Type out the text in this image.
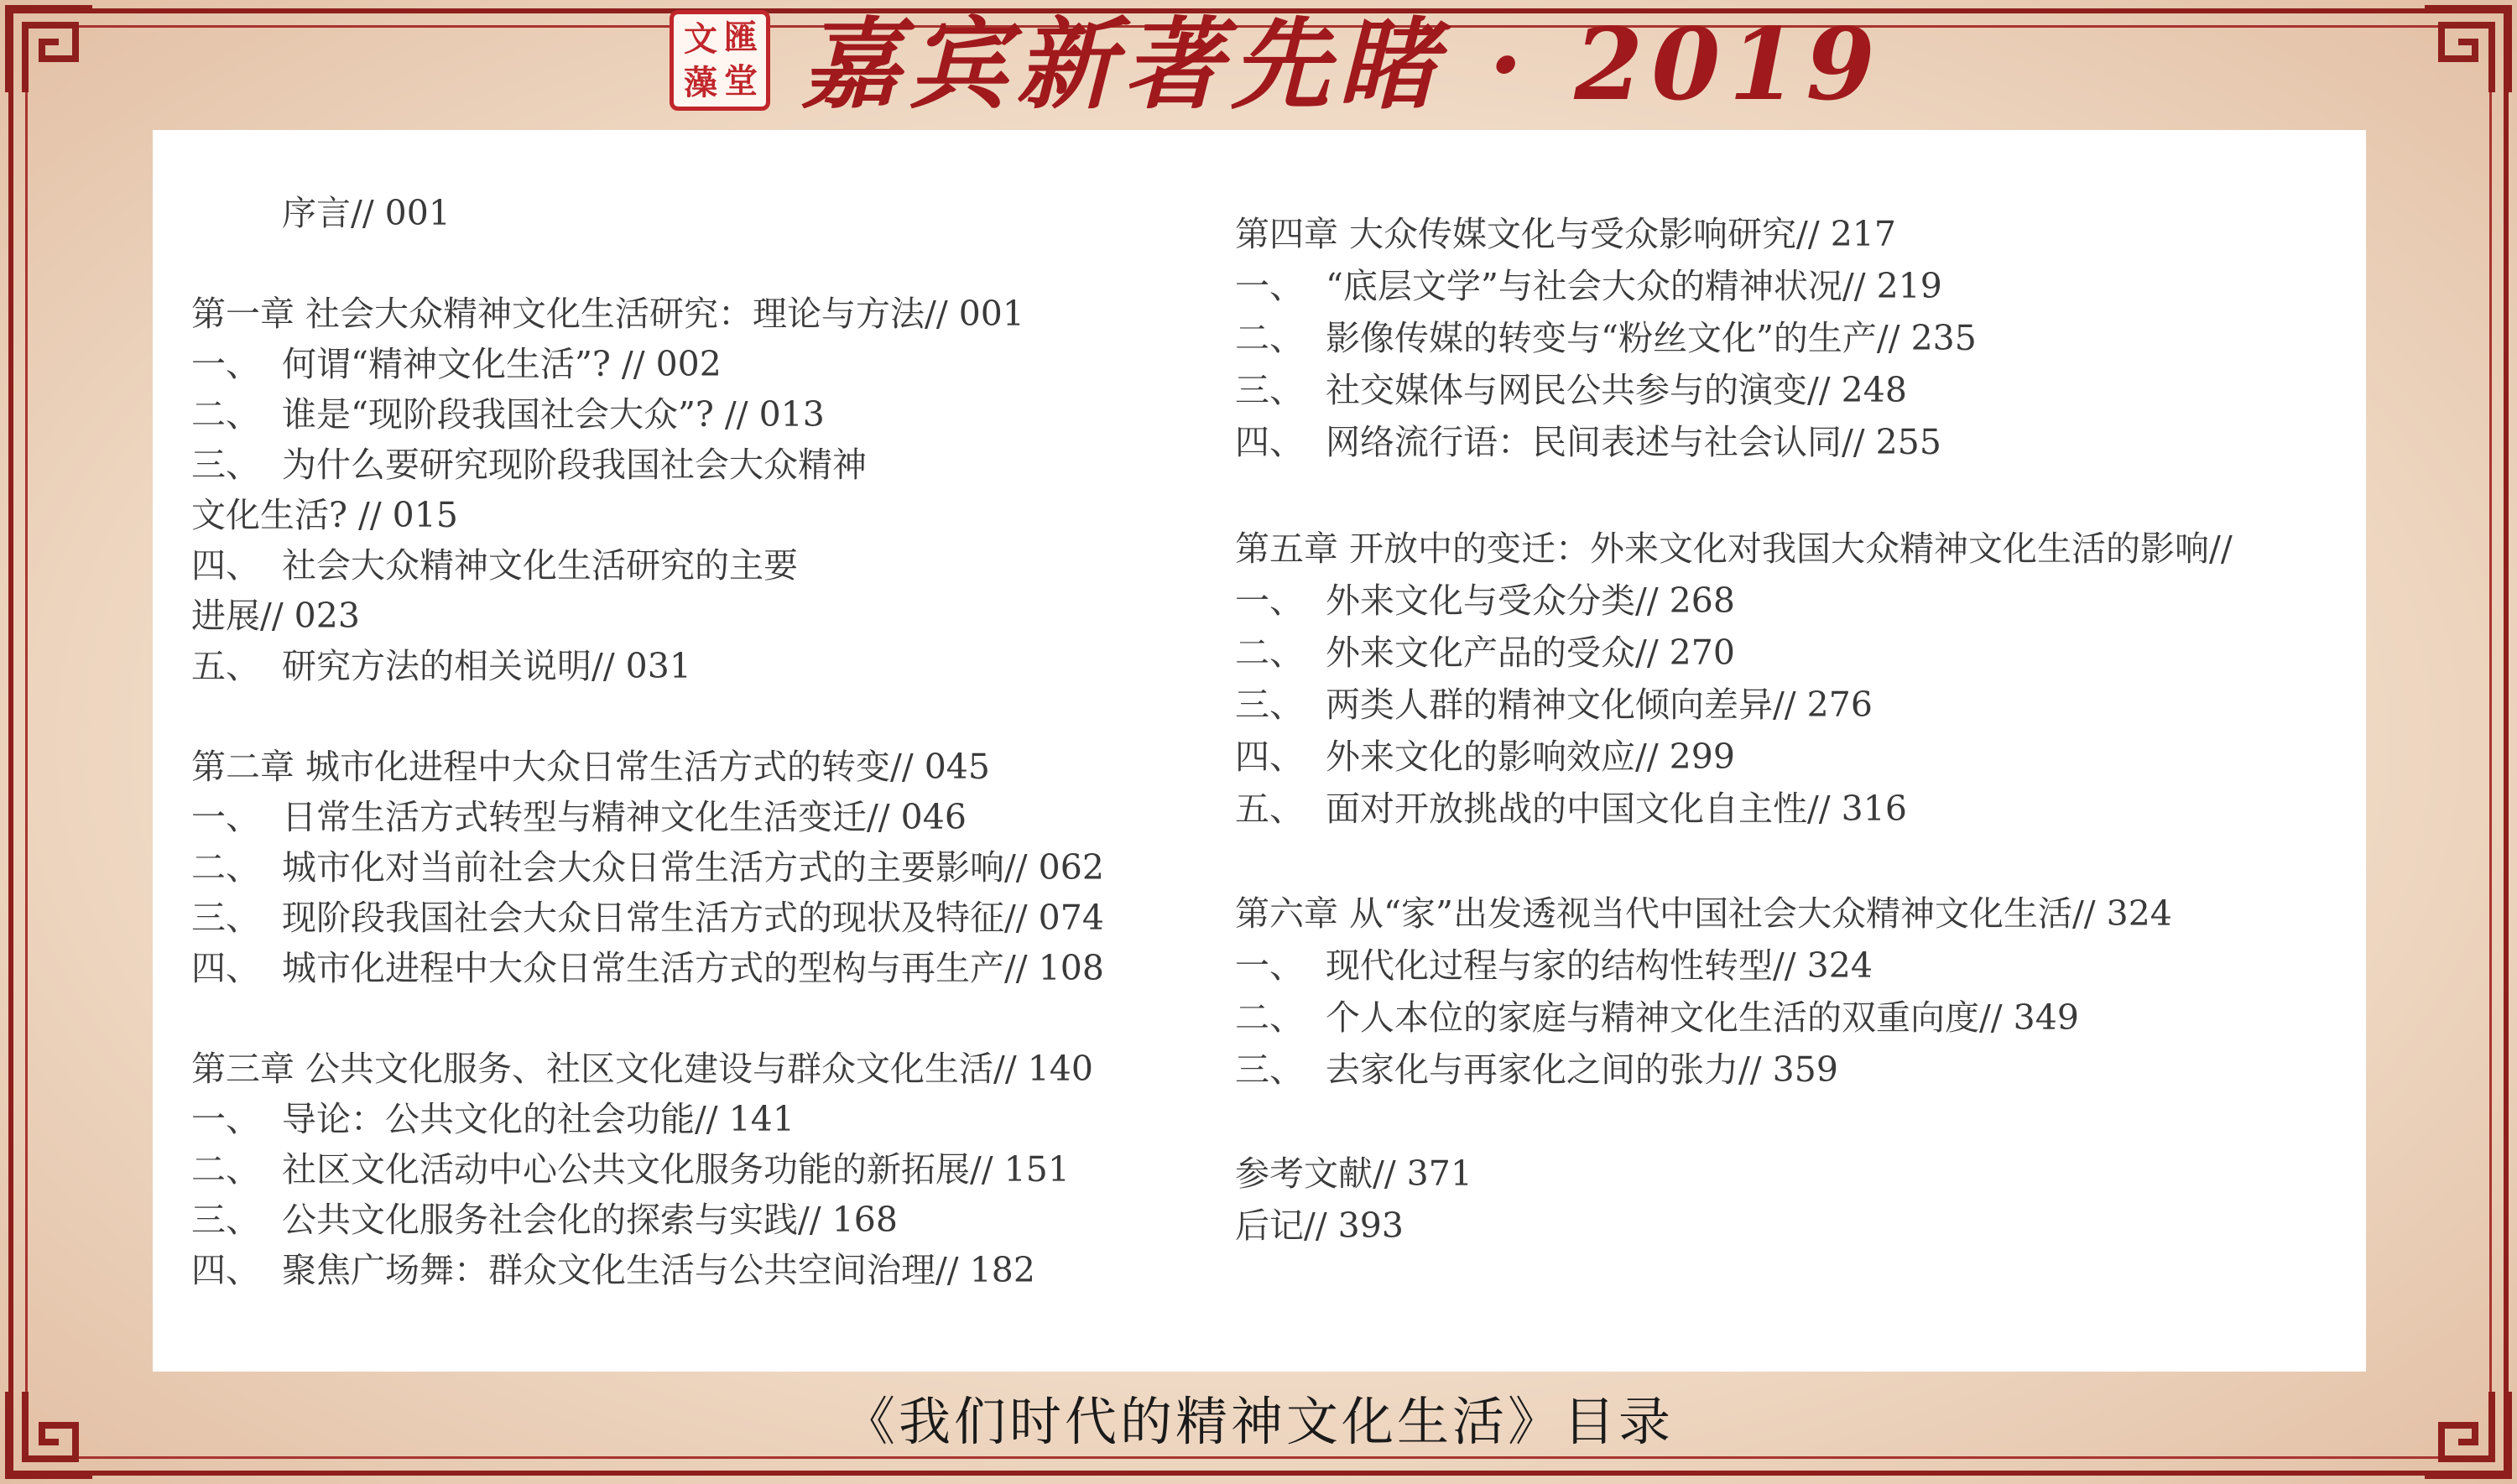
文 匯
藻 堂 嘉宾新著先睹 · 2019
序言// 001
第一章 社会大众精神文化生活研究：理论与方法// 001
一、 何谓“精神文化生活”? // 002
二、 谁是“现阶段我国社会大众”? // 013
三、 为什么要研究现阶段我国社会大众精神
文化生活? // 015
四、 社会大众精神文化生活研究的主要
进展// 023
五、 研究方法的相关说明// 031
第二章 城市化进程中大众日常生活方式的转变// 045
一、 日常生活方式转型与精神文化生活变迁// 046
二、 城市化对当前社会大众日常生活方式的主要影响// 062
三、 现阶段我国社会大众日常生活方式的现状及特征// 074
四、 城市化进程中大众日常生活方式的型构与再生产// 108
第三章 公共文化服务、社区文化建设与群众文化生活// 140
一、 导论：公共文化的社会功能// 141
二、 社区文化活动中心公共文化服务功能的新拓展// 151
三、 公共文化服务社会化的探索与实践// 168
四、 聚焦广场舞：群众文化生活与公共空间治理// 182
第四章 大众传媒文化与受众影响研究// 217
一、 “底层文学”与社会大众的精神状况// 219
二、 影像传媒的转变与“粉丝文化”的生产// 235
三、 社交媒体与网民公共参与的演变// 248
四、 网络流行语：民间表述与社会认同// 255
第五章 开放中的变迁：外来文化对我国大众精神文化生活的影响//
一、 外来文化与受众分类// 268
二、 外来文化产品的受众// 270
三、 两类人群的精神文化倾向差异// 276
四、 外来文化的影响效应// 299
五、 面对开放挑战的中国文化自主性// 316
第六章 从“家”出发透视当代中国社会大众精神文化生活// 324
一、 现代化过程与家的结构性转型// 324
二、 个人本位的家庭与精神文化生活的双重向度// 349
三、 去家化与再家化之间的张力// 359
参考文献// 371
后记// 393
《我们时代的精神文化生活》目录
